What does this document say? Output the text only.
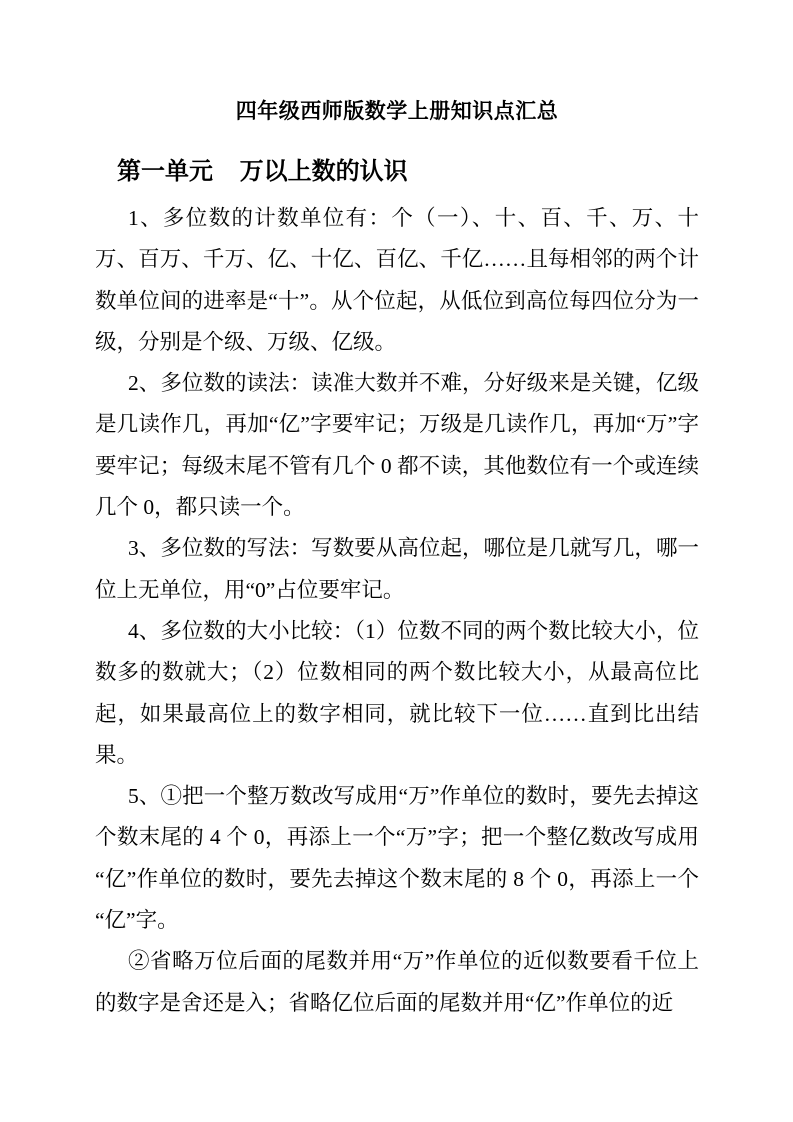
四年级西师版数学上册知识点汇总
第一单元 万以上数的认识

1、多位数的计数单位有：个（一）、十、百、千、万、十万、百万、千万、亿、十亿、百亿、千亿……且每相邻的两个计数单位间的进率是“十”。从个位起，从低位到高位每四位分为一级，分别是个级、万级、亿级。

2、多位数的读法：读准大数并不难，分好级来是关键，亿级是几读作几，再加“亿”字要牢记；万级是几读作几，再加“万”字要牢记；每级末尾不管有几个 0 都不读，其他数位有一个或连续几个 0，都只读一个。

3、多位数的写法：写数要从高位起，哪位是几就写几，哪一位上无单位，用“0”占位要牢记。

4、多位数的大小比较：（1）位数不同的两个数比较大小，位数多的数就大；（2）位数相同的两个数比较大小，从最高位比起，如果最高位上的数字相同，就比较下一位……直到比出结果。

5、①把一个整万数改写成用“万”作单位的数时，要先去掉这个数末尾的 4 个 0，再添上一个“万”字；把一个整亿数改写成用“亿”作单位的数时，要先去掉这个数末尾的 8 个 0，再添上一个“亿”字。

②省略万位后面的尾数并用“万”作单位的近似数要看千位上的数字是舍还是入；省略亿位后面的尾数并用“亿”作单位的近
